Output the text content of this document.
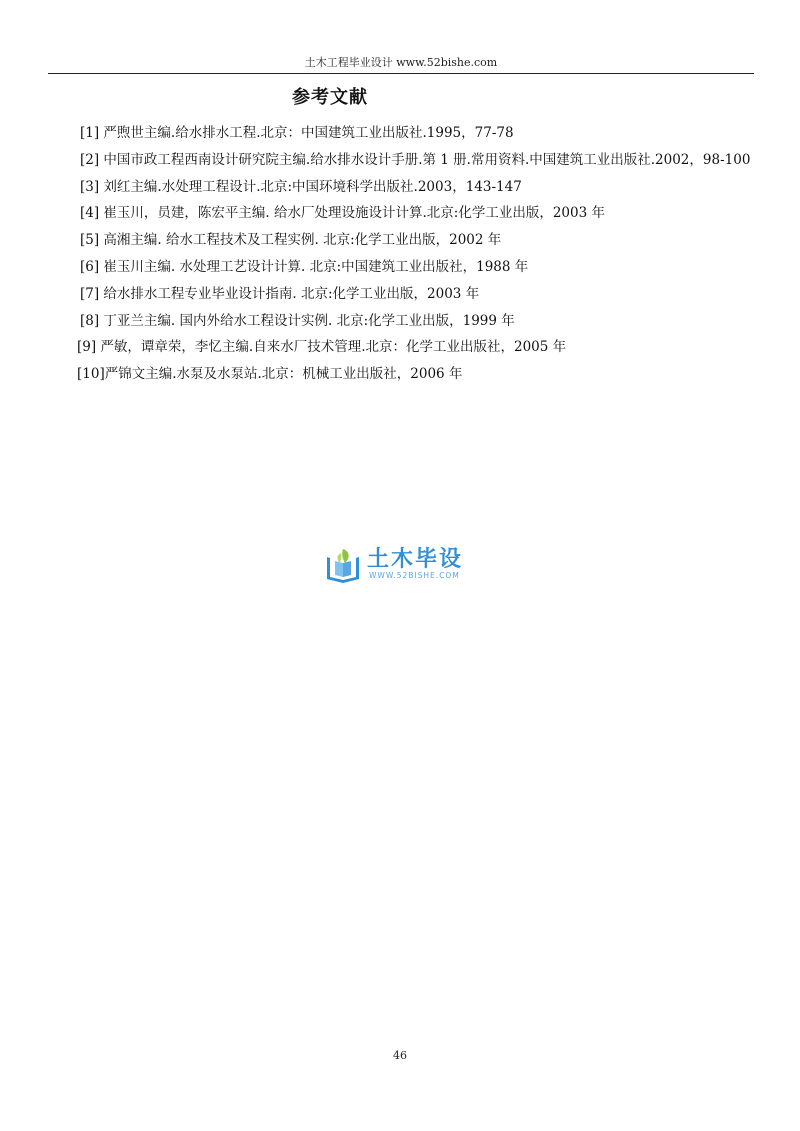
土木工程毕业设计 www.52bishe.com
参考文献

[1] 严煦世主编.给水排水工程.北京：中国建筑工业出版社.1995，77-78

[2] 中国市政工程西南设计研究院主编.给水排水设计手册.第 1 册.常用资料.中国建筑工业出版社.2002，98-100

[3] 刘红主编.水处理工程设计.北京:中国环境科学出版社.2003，143-147

[4] 崔玉川，员建，陈宏平主编. 给水厂处理设施设计计算.北京:化学工业出版，2003 年

[5] 高湘主编. 给水工程技术及工程实例. 北京:化学工业出版，2002 年

[6] 崔玉川主编. 水处理工艺设计计算. 北京:中国建筑工业出版社，1988 年

[7] 给水排水工程专业毕业设计指南. 北京:化学工业出版，2003 年

[8] 丁亚兰主编. 国内外给水工程设计实例. 北京:化学工业出版，1999 年

[9] 严敏，谭章荣，李忆主编.自来水厂技术管理.北京：化学工业出版社，2005 年

[10]严锦文主编.水泵及水泵站.北京：机械工业出版社，2006 年

土木毕设
WWW.52BISHE.COM
46
